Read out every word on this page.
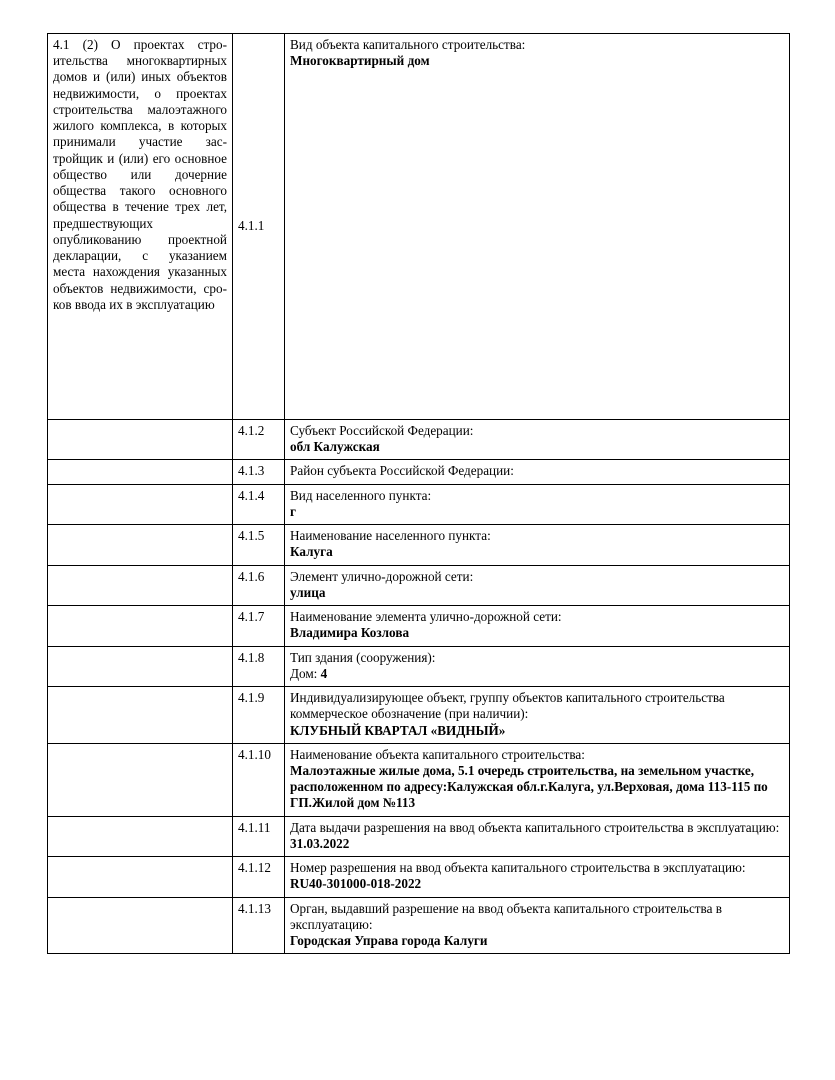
4.1 (2) О проектах строительства многоквартирных домов и (или) иных объектов недвижимости, о проектах строительства малоэтажного жилого комплекса, в которых принимали участие застройщик и (или) его основное общество или дочерние общества такого основного общества в течение трех лет, предшествующих опубликованию проектной декларации, с указанием места нахождения указанных объектов недвижимости, сроков ввода их в эксплуатацию	4.1.1	Вид объекта капитального строительства:
Многоквартирный дом

	4.1.2	Субъект Российской Федерации:
обл Калужская

	4.1.3	Район субъекта Российской Федерации:

	4.1.4	Вид населенного пункта:
г

	4.1.5	Наименование населенного пункта:
Калуга

	4.1.6	Элемент улично-дорожной сети:
улица

	4.1.7	Наименование элемента улично-дорожной сети:
Владимира Козлова

	4.1.8	Тип здания (сооружения):
Дом: 4

	4.1.9	Индивидуализирующее объект, группу объектов капитального строительства коммерческое обозначение (при наличии):
КЛУБНЫЙ КВАРТАЛ «ВИДНЫЙ»

	4.1.10	Наименование объекта капитального строительства:
Малоэтажные жилые дома, 5.1 очередь строительства, на земельном участке, расположенном по адресу:Калужская обл.г.Калуга, ул.Верховая, дома 113-115 по ГП.Жилой дом №113

	4.1.11	Дата выдачи разрешения на ввод объекта капитального строительства в эксплуатацию:
31.03.2022

	4.1.12	Номер разрешения на ввод объекта капитального строительства в эксплуатацию:
RU40-301000-018-2022

	4.1.13	Орган, выдавший разрешение на ввод объекта капитального строительства в эксплуатацию:
Городская Управа города Калуги
